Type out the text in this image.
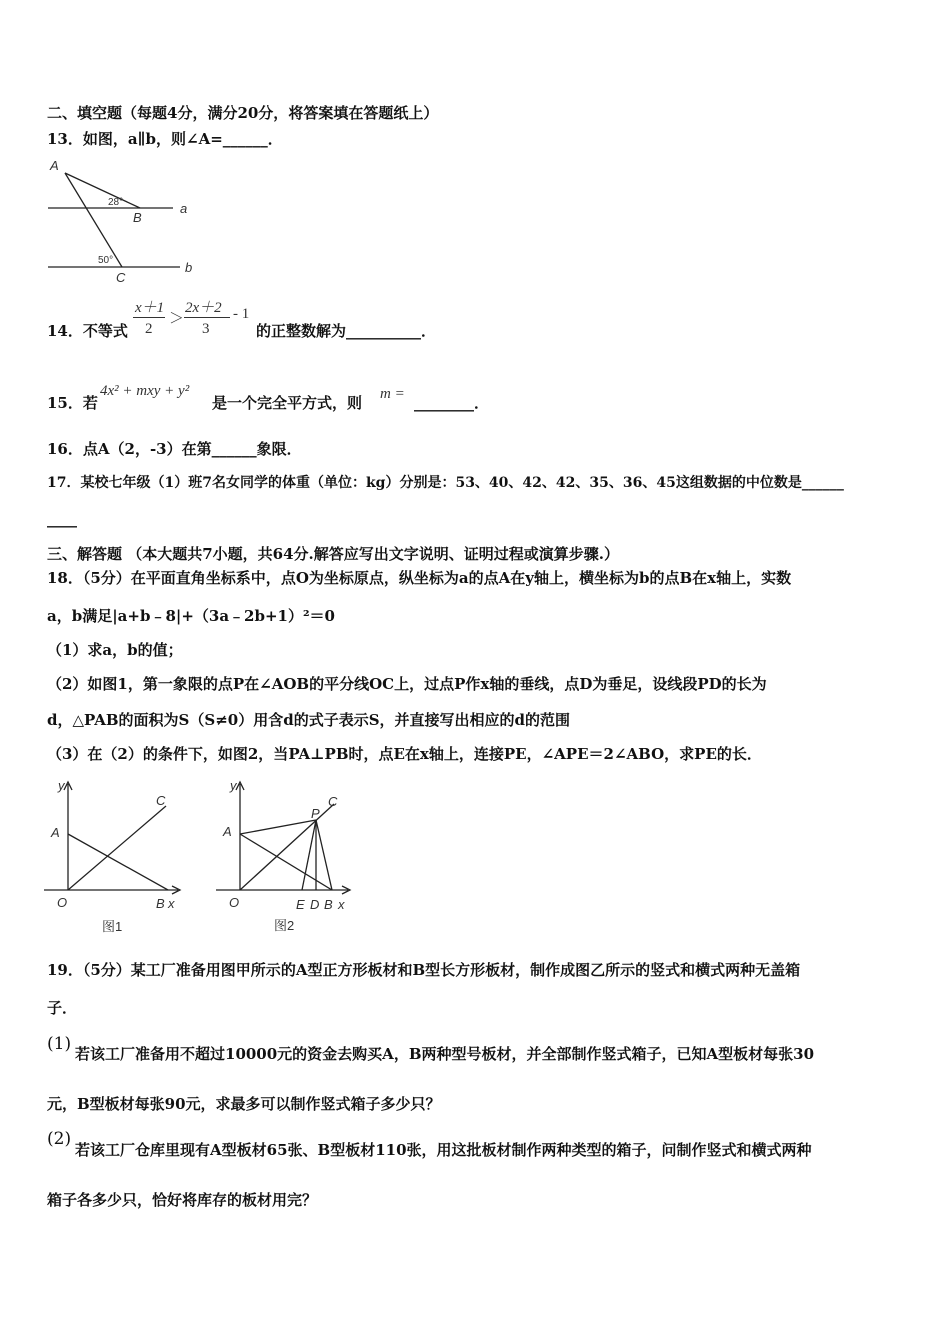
二、填空题（每题4分，满分20分，将答案填在答题纸上）
13．如图，a∥b，则∠A=______．
A
28°
B
a
50°
C
b
14．不等式
x＋1
2
＞
2x＋2
3
- 1
的正整数解为__________．
15．若
4x² + mxy + y²
是一个完全平方式，则 m = ________．
16．点A（2，-3）在第______象限．
17．某校七年级（1）班7名女同学的体重（单位：kg）分别是：53、40、42、42、35、36、45这组数据的中位数是______
____
三、解答题 （本大题共7小题，共64分.解答应写出文字说明、证明过程或演算步骤.）
18．（5分）在平面直角坐标系中，点O为坐标原点，纵坐标为a的点A在y轴上，横坐标为b的点B在x轴上，实数
a，b满足|a+b﹣8|+（3a﹣2b+1）²＝0
（1）求a，b的值；
（2）如图1，第一象限的点P在∠AOB的平分线OC上，过点P作x轴的垂线，点D为垂足，设线段PD的长为
d，△PAB的面积为S（S≠0）用含d的式子表示S，并直接写出相应的d的范围
（3）在（2）的条件下，如图2，当PA⊥PB时，点E在x轴上，连接PE，∠APE＝2∠ABO，求PE的长．
y
A
C
O	B x
图1
y
A
P
C
O	E D B x
图2
19．（5分）某工厂准备用图甲所示的A型正方形板材和B型长方形板材，制作成图乙所示的竖式和横式两种无盖箱
子．
(1) 若该工厂准备用不超过10000元的资金去购买A，B两种型号板材，并全部制作竖式箱子，已知A型板材每张30
元，B型板材每张90元，求最多可以制作竖式箱子多少只？
(2)
若该工厂仓库里现有A型板材65张、B型板材110张，用这批板材制作两种类型的箱子，问制作竖式和横式两种
箱子各多少只，恰好将库存的板材用完？
